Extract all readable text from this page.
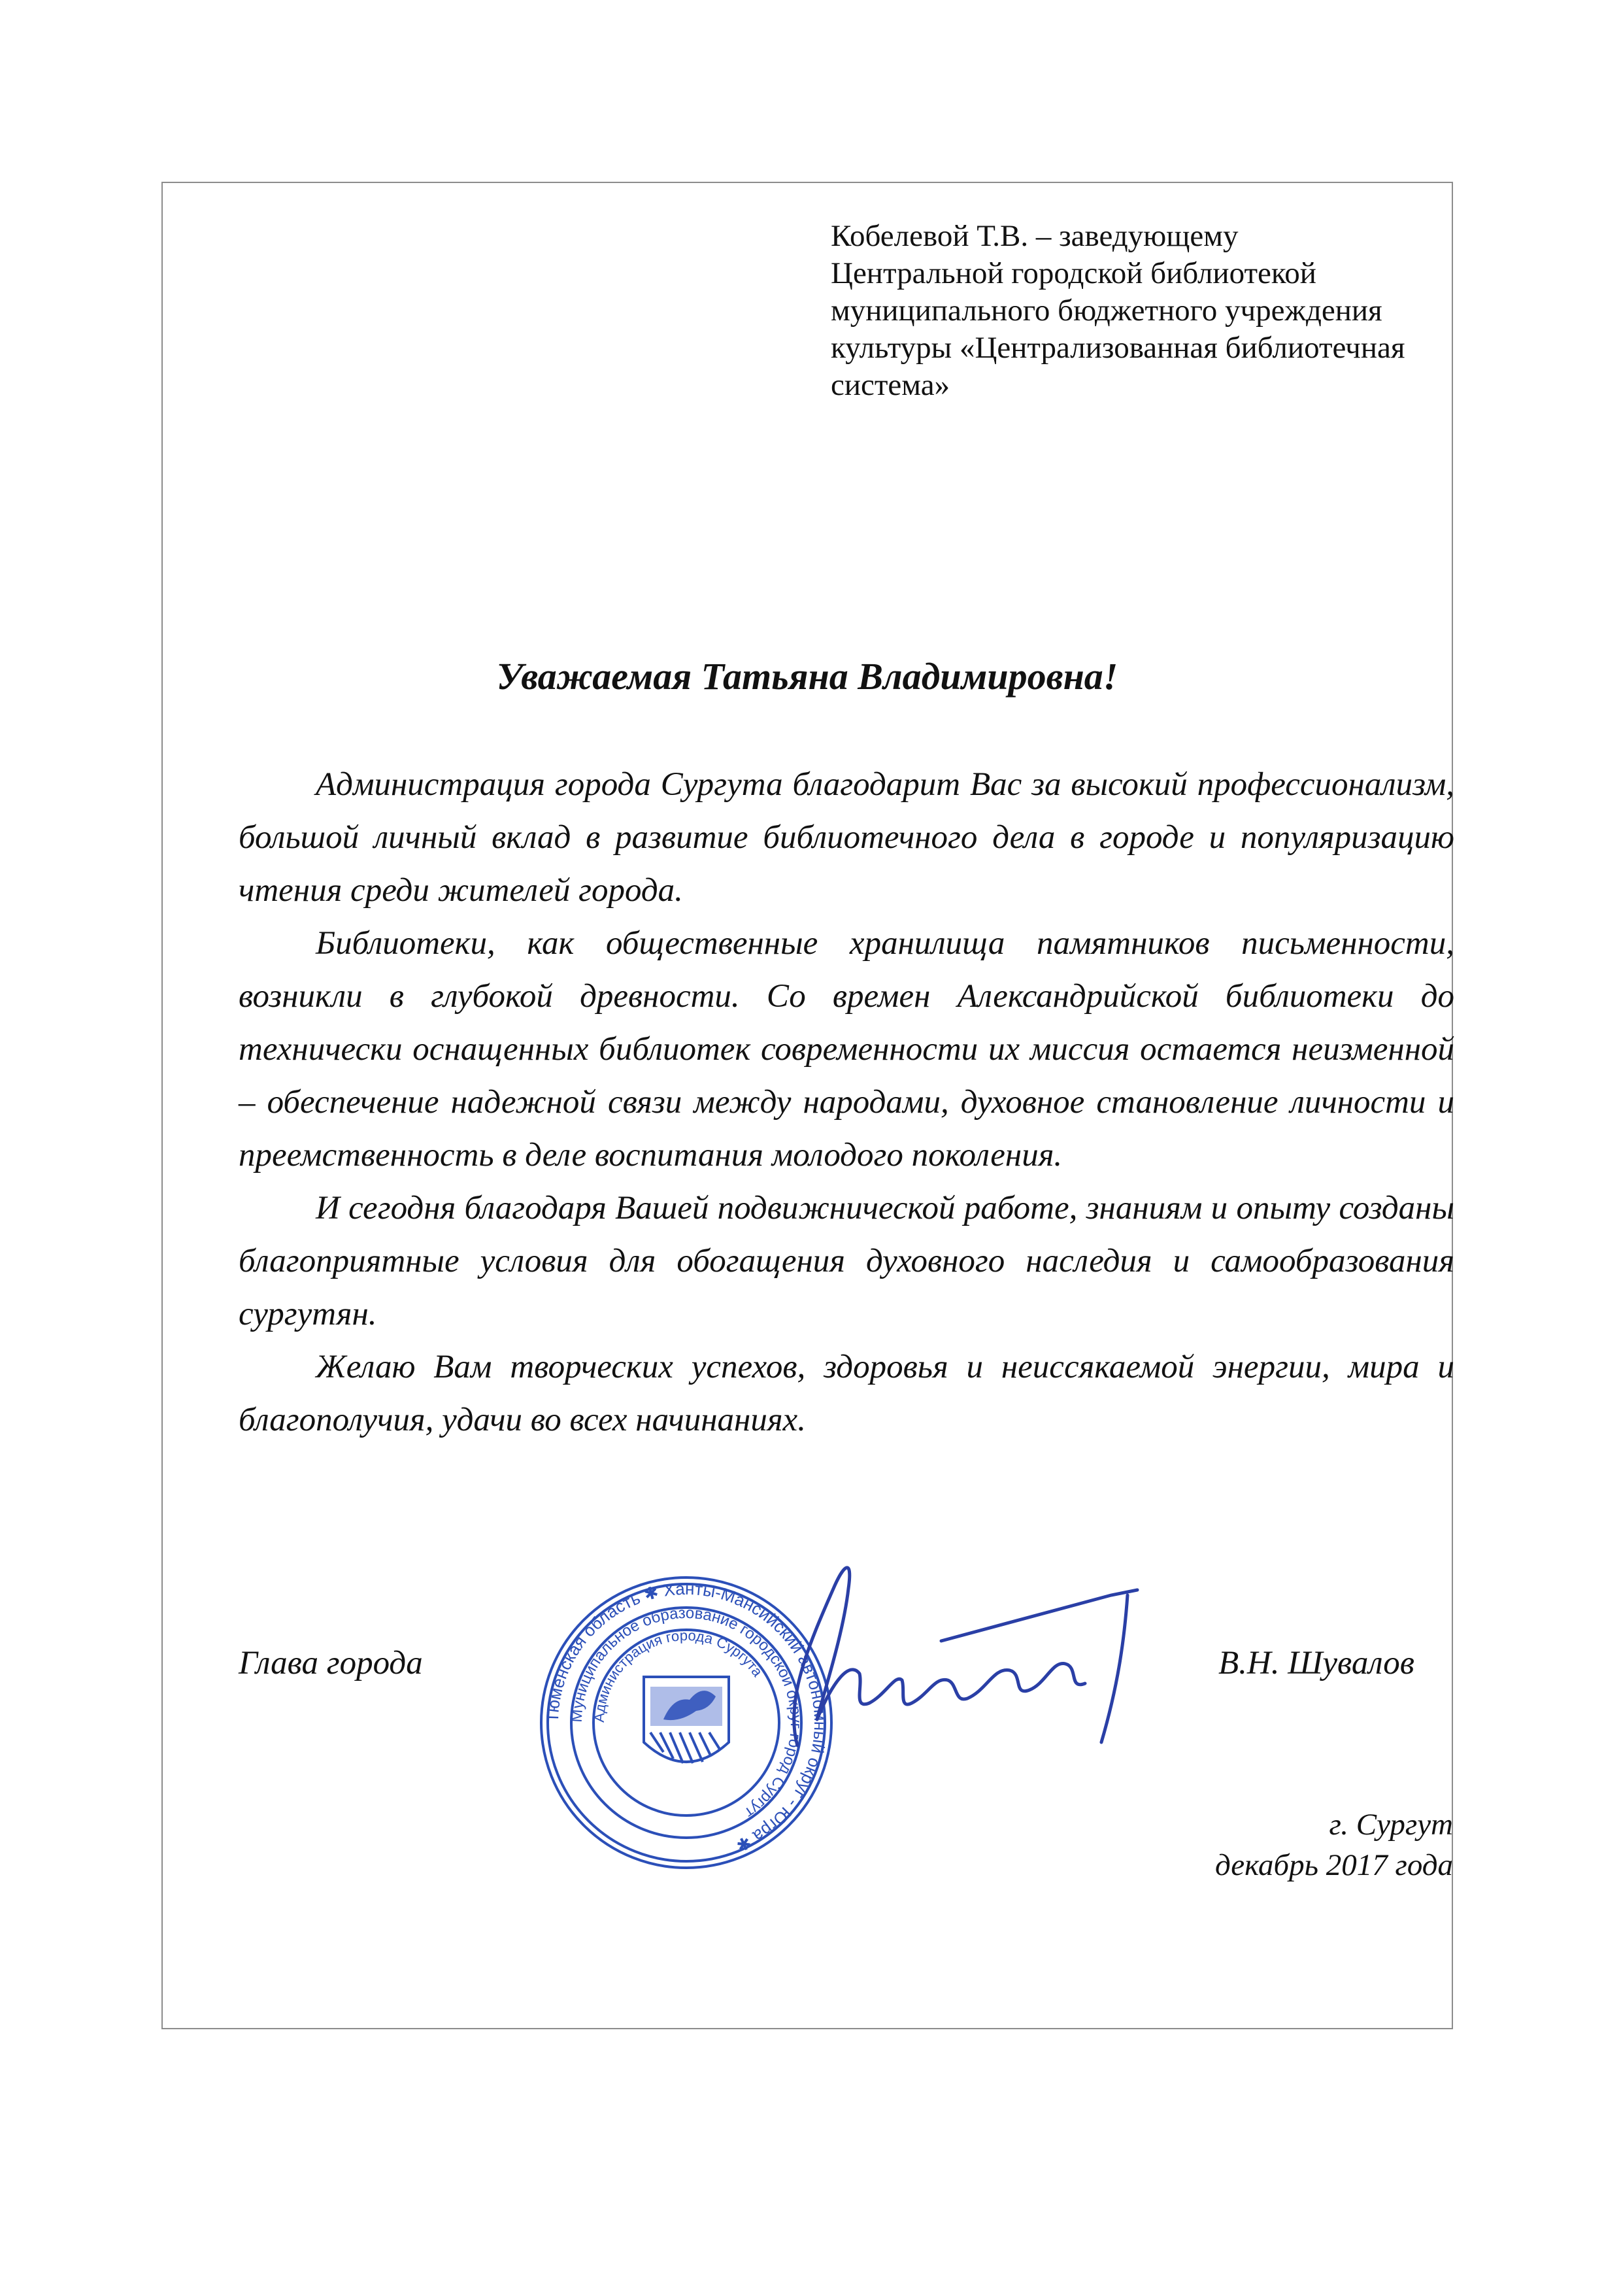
Кобелевой Т.В. – заведующему
Центральной городской библиотекой
муниципального бюджетного учреждения
культуры «Централизованная библиотечная
система»
Уважаемая Татьяна Владимировна!

Администрация города Сургута благодарит Вас за высокий профессионализм, большой личный вклад в развитие библиотечного дела в городе и популяризацию чтения среди жителей города.

Библиотеки, как общественные хранилища памятников письменности, возникли в глубокой древности. Со времен Александрийской библиотеки до технически оснащенных библиотек современности их миссия остается неизменной – обеспечение надежной связи между народами, духовное становление личности и преемственность в деле воспитания молодого поколения.

И сегодня благодаря Вашей подвижнической работе, знаниям и опыту созданы благоприятные условия для обогащения духовного наследия и самообразования сургутян.

Желаю Вам творческих успехов, здоровья и неиссякаемой энергии, мира и благополучия, удачи во всех начинаниях.

Глава города	В.Н. Шувалов
Тюменская область ✱ Ханты-Мансийский автономный округ - Югра ✱
Муниципальное образование городской округ город Сургут
Администрация города Сургута
г. Сургут
декабрь 2017 года
